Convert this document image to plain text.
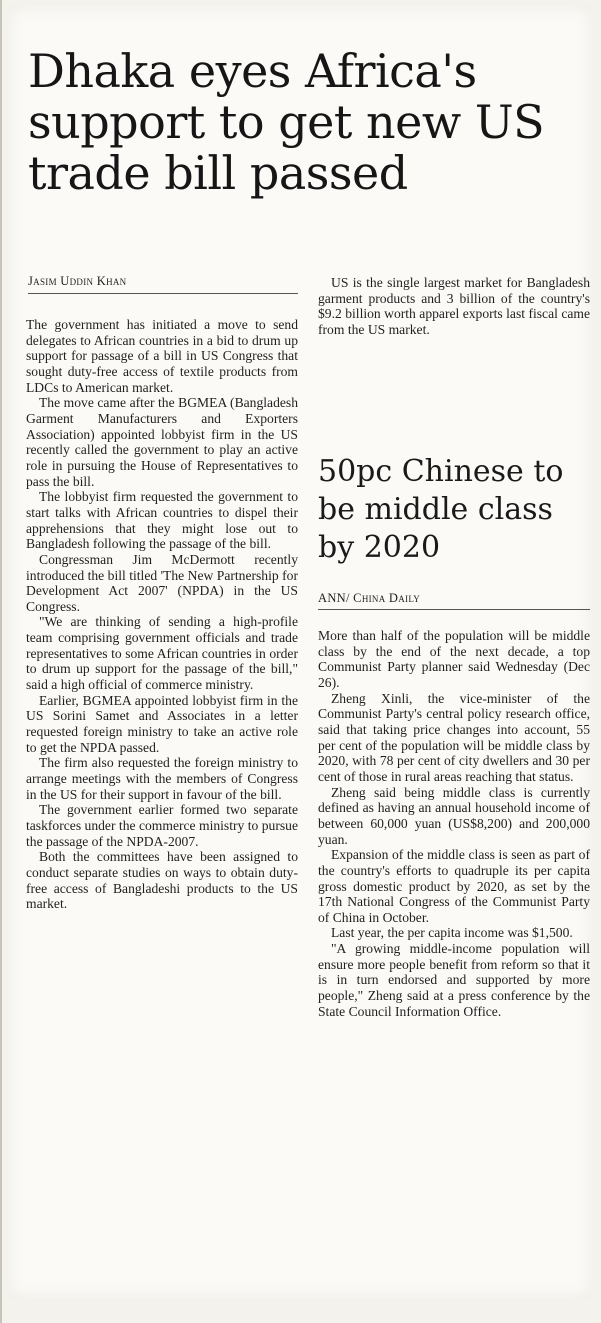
Dhaka eyes Africa's support to get new US trade bill passed
Jasim Uddin Khan

The government has initiated a move to send delegates to African countries in a bid to drum up support for passage of a bill in US Congress that sought duty-free access of textile products from LDCs to American market.

The move came after the BGMEA (Bangladesh Garment Manufacturers and Exporters Association) appointed lobbyist firm in the US recently called the government to play an active role in pursuing the House of Representatives to pass the bill.

The lobbyist firm requested the government to start talks with African countries to dispel their apprehensions that they might lose out to Bangladesh following the passage of the bill.

Congressman Jim McDermott recently introduced the bill titled 'The New Partnership for Development Act 2007' (NPDA) in the US Congress.

"We are thinking of sending a high-profile team comprising government officials and trade representatives to some African countries in order to drum up support for the passage of the bill," said a high official of commerce ministry.

Earlier, BGMEA appointed lobbyist firm in the US Sorini Samet and Associates in a letter requested foreign ministry to take an active role to get the NPDA passed.

The firm also requested the foreign ministry to arrange meetings with the members of Congress in the US for their support in favour of the bill.

The government earlier formed two separate taskforces under the commerce ministry to pursue the passage of the NPDA-2007.

Both the committees have been assigned to conduct separate studies on ways to obtain duty-free access of Bangladeshi products to the US market.

US is the single largest market for Bangladesh garment products and 3 billion of the country's $9.2 billion worth apparel exports last fiscal came from the US market.

50pc Chinese to be middle class by 2020
ANN/ China Daily

More than half of the population will be middle class by the end of the next decade, a top Communist Party planner said Wednesday (Dec 26).

Zheng Xinli, the vice-minister of the Communist Party's central policy research office, said that taking price changes into account, 55 per cent of the population will be middle class by 2020, with 78 per cent of city dwellers and 30 per cent of those in rural areas reaching that status.

Zheng said being middle class is currently defined as having an annual household income of between 60,000 yuan (US$8,200) and 200,000 yuan.

Expansion of the middle class is seen as part of the country's efforts to quadruple its per capita gross domestic product by 2020, as set by the 17th National Congress of the Communist Party of China in October.

Last year, the per capita income was $1,500.

"A growing middle-income population will ensure more people benefit from reform so that it is in turn endorsed and supported by more people," Zheng said at a press conference by the State Council Information Office.
